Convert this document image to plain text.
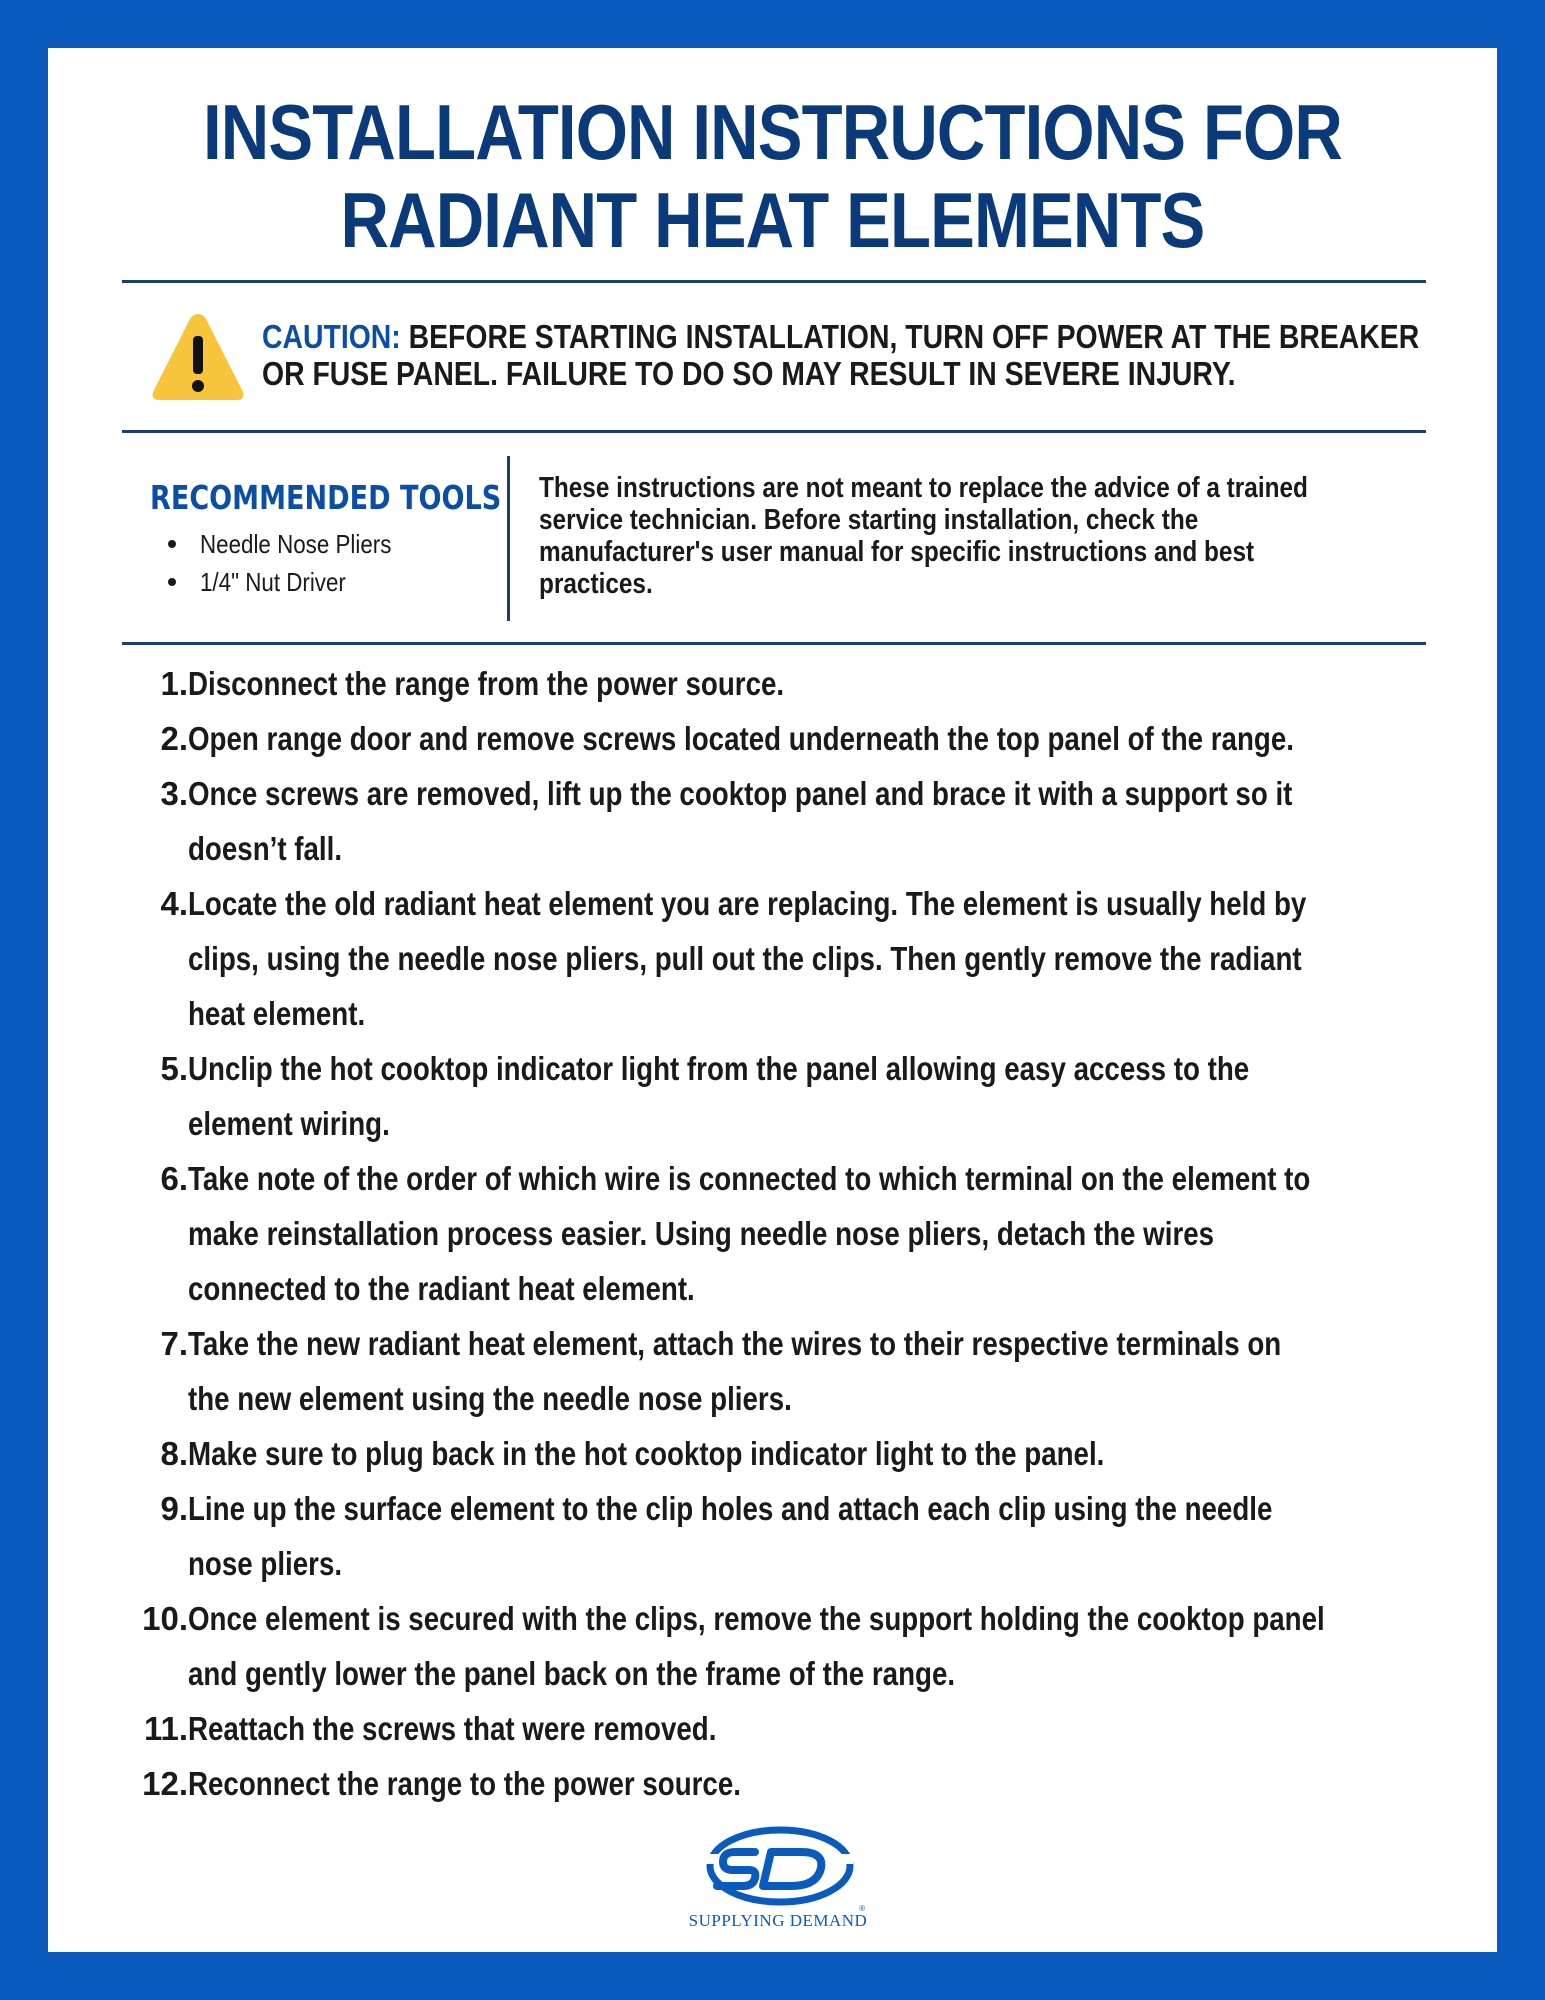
INSTALLATION INSTRUCTIONS FOR
RADIANT HEAT ELEMENTS
CAUTION: BEFORE STARTING INSTALLATION, TURN OFF POWER AT THE BREAKER
OR FUSE PANEL. FAILURE TO DO SO MAY RESULT IN SEVERE INJURY.
RECOMMENDED TOOLS
Needle Nose Pliers
1/4" Nut Driver
These instructions are not meant to replace the advice of a trained
service technician. Before starting installation, check the
manufacturer's user manual for specific instructions and best
practices.
1. Disconnect the range from the power source.
2. Open range door and remove screws located underneath the top panel of the range.
3. Once screws are removed, lift up the cooktop panel and brace it with a support so it
doesn’t fall.
4. Locate the old radiant heat element you are replacing. The element is usually held by
clips, using the needle nose pliers, pull out the clips. Then gently remove the radiant
heat element.
5. Unclip the hot cooktop indicator light from the panel allowing easy access to the
element wiring.
6. Take note of the order of which wire is connected to which terminal on the element to
make reinstallation process easier. Using needle nose pliers, detach the wires
connected to the radiant heat element.
7. Take the new radiant heat element, attach the wires to their respective terminals on
the new element using the needle nose pliers.
8. Make sure to plug back in the hot cooktop indicator light to the panel.
9. Line up the surface element to the clip holes and attach each clip using the needle
nose pliers.
10. Once element is secured with the clips, remove the support holding the cooktop panel
and gently lower the panel back on the frame of the range.
11. Reattach the screws that were removed.
12. Reconnect the range to the power source.
SUPPLYING DEMAND
®
